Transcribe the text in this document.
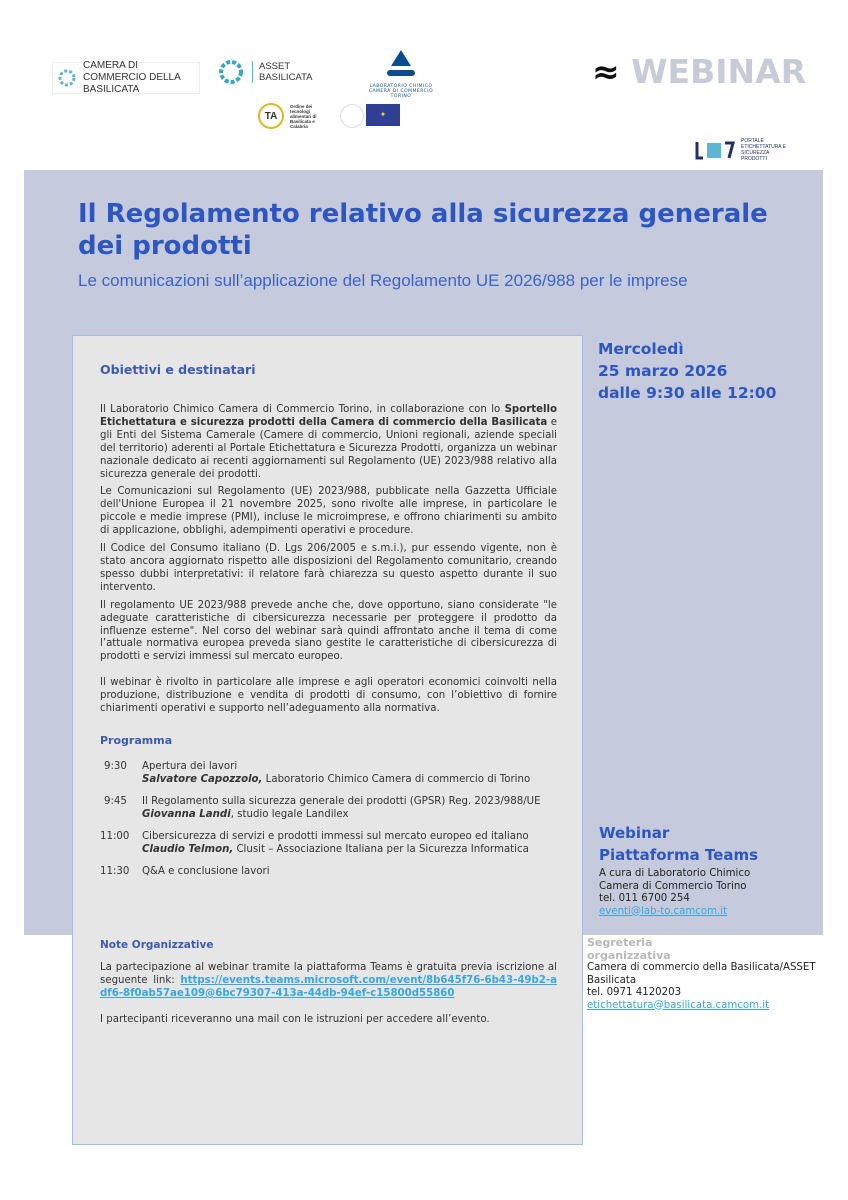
CAMERA DI COMMERCIO DELLA BASILICATA
ASSET BASILICATA
LABORATORIO CHIMICO CAMERA DI COMMERCIO TORINO
TA
Ordine dei tecnologi alimentari di Basilicata e Calabria
✦
≈ WEBINAR
PORTALE ETICHETTATURA E SICUREZZA PRODOTTI
Il Regolamento relativo alla sicurezza generale dei prodotti
Le comunicazioni sull’applicazione del Regolamento UE 2026/988 per le imprese
Mercoledì
25 marzo 2026
dalle 9:30 alle 12:00
Obiettivi e destinatari

Il Laboratorio Chimico Camera di Commercio Torino, in collaborazione con lo Sportello Etichettatura e sicurezza prodotti della Camera di commercio della Basilicata e gli Enti del Sistema Camerale (Camere di commercio, Unioni regionali, aziende speciali del territorio) aderenti al Portale Etichettatura e Sicurezza Prodotti, organizza un webinar nazionale dedicato ai recenti aggiornamenti sul Regolamento (UE) 2023/988 relativo alla sicurezza generale dei prodotti.

Le Comunicazioni sul Regolamento (UE) 2023/988, pubblicate nella Gazzetta Ufficiale dell'Unione Europea il 21 novembre 2025, sono rivolte alle imprese, in particolare le piccole e medie imprese (PMI), incluse le microimprese, e offrono chiarimenti su ambito di applicazione, obblighi, adempimenti operativi e procedure.

Il Codice del Consumo italiano (D. Lgs 206/2005 e s.m.i.), pur essendo vigente, non è stato ancora aggiornato rispetto alle disposizioni del Regolamento comunitario, creando spesso dubbi interpretativi: il relatore farà chiarezza su questo aspetto durante il suo intervento.

Il regolamento UE 2023/988 prevede anche che, dove opportuno, siano considerate "le adeguate caratteristiche di cibersicurezza necessarie per proteggere il prodotto da influenze esterne". Nel corso del webinar sarà quindi affrontato anche il tema di come l’attuale normativa europea preveda siano gestite le caratteristiche di cibersicurezza di prodotti e servizi immessi sul mercato europeo.

Il webinar è rivolto in particolare alle imprese e agli operatori economici coinvolti nella produzione, distribuzione e vendita di prodotti di consumo, con l’obiettivo di fornire chiarimenti operativi e supporto nell’adeguamento alla normativa.

Programma
9:30	Apertura dei lavori
Salvatore Capozzolo, Laboratorio Chimico Camera di commercio di Torino
9:45	Il Regolamento sulla sicurezza generale dei prodotti (GPSR) Reg. 2023/988/UE
Giovanna Landi, studio legale Landilex
11:00	Cibersicurezza di servizi e prodotti immessi sul mercato europeo ed italiano
Claudio Telmon, Clusit – Associazione Italiana per la Sicurezza Informatica
11:30	Q&A e conclusione lavori
Note Organizzative

La partecipazione al webinar tramite la piattaforma Teams è gratuita previa iscrizione al seguente link: https://events.teams.microsoft.com/event/8b645f76-6b43-49b2-adf6-8f0ab57ae109@6bc79307-413a-44db-94ef-c15800d55860

I partecipanti riceveranno una mail con le istruzioni per accedere all’evento.

Webinar
Piattaforma Teams
A cura di Laboratorio Chimico
Camera di Commercio Torino
tel. 011 6700 254
eventi@lab-to.camcom.it
Segreteria
organizzativa
Camera di commercio della Basilicata/ASSET
Basilicata
tel. 0971 4120203
etichettatura@basilicata.camcom.it
